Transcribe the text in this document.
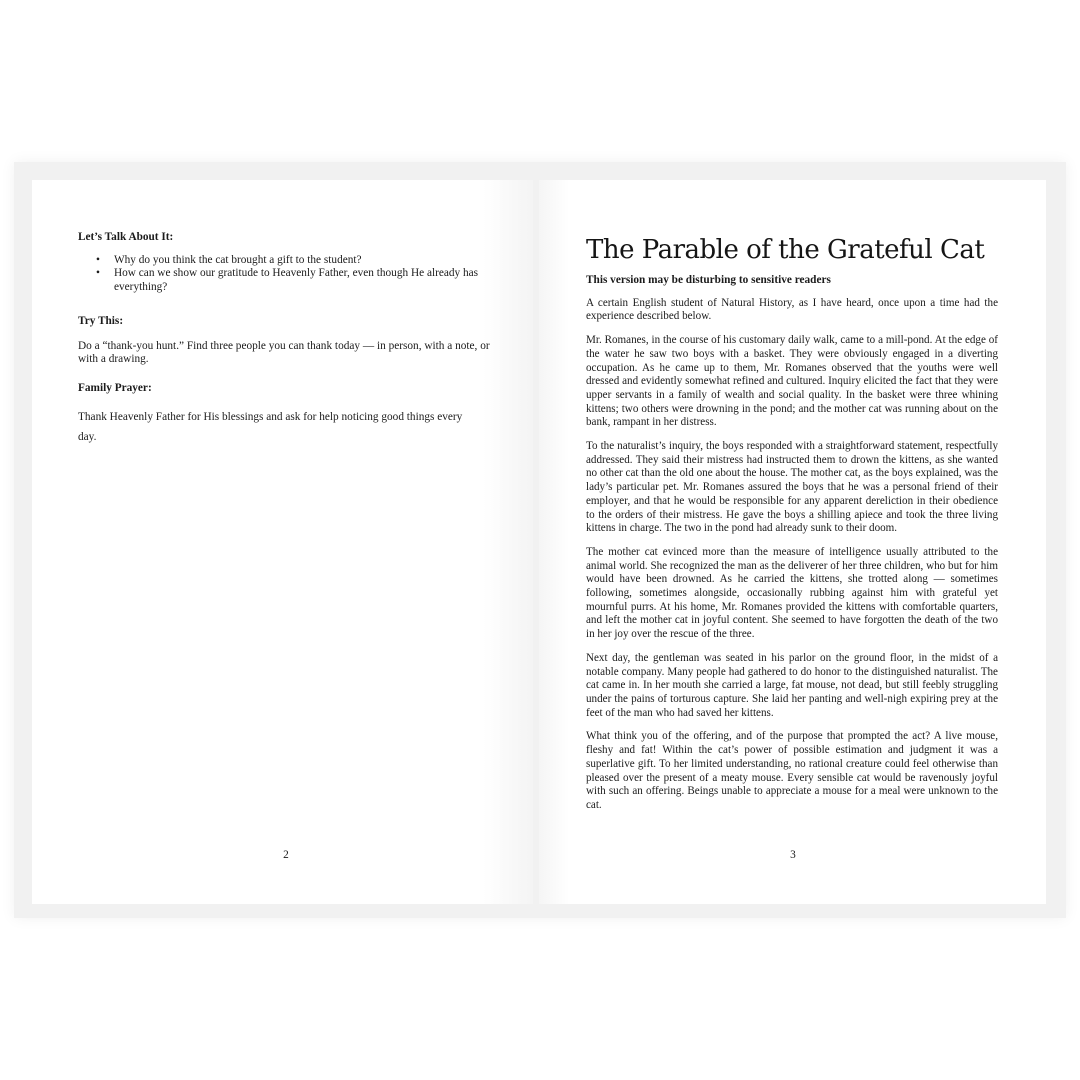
Let’s Talk About It:

• Why do you think the cat brought a gift to the student?
• How can we show our gratitude to Heavenly Father, even though He already has everything?

Try This:

Do a “thank-you hunt.” Find three people you can thank today — in person, with a note, or with a drawing.

Family Prayer:

Thank Heavenly Father for His blessings and ask for help noticing good things every day.

2
The Parable of the Grateful Cat

This version may be disturbing to sensitive readers

A certain English student of Natural History, as I have heard, once upon a time had the experience described below.

Mr. Romanes, in the course of his customary daily walk, came to a mill-pond. At the edge of the water he saw two boys with a basket. They were obviously engaged in a diverting occupation. As he came up to them, Mr. Romanes observed that the youths were well dressed and evidently somewhat refined and cultured. Inquiry elicited the fact that they were upper servants in a family of wealth and social quality. In the basket were three whining kittens; two others were drowning in the pond; and the mother cat was running about on the bank, rampant in her distress.

To the naturalist’s inquiry, the boys responded with a straightforward statement, respectfully addressed. They said their mistress had instructed them to drown the kittens, as she wanted no other cat than the old one about the house. The mother cat, as the boys explained, was the lady’s particular pet. Mr. Romanes assured the boys that he was a personal friend of their employer, and that he would be responsible for any apparent dereliction in their obedience to the orders of their mistress. He gave the boys a shilling apiece and took the three living kittens in charge. The two in the pond had already sunk to their doom.

The mother cat evinced more than the measure of intelligence usually attributed to the animal world. She recognized the man as the deliverer of her three children, who but for him would have been drowned. As he carried the kittens, she trotted along — sometimes following, sometimes alongside, occasionally rubbing against him with grateful yet mournful purrs. At his home, Mr. Romanes provided the kittens with comfortable quarters, and left the mother cat in joyful content. She seemed to have forgotten the death of the two in her joy over the rescue of the three.

Next day, the gentleman was seated in his parlor on the ground floor, in the midst of a notable company. Many people had gathered to do honor to the distinguished naturalist. The cat came in. In her mouth she carried a large, fat mouse, not dead, but still feebly struggling under the pains of torturous capture. She laid her panting and well-nigh expiring prey at the feet of the man who had saved her kittens.

What think you of the offering, and of the purpose that prompted the act? A live mouse, fleshy and fat! Within the cat’s power of possible estimation and judgment it was a superlative gift. To her limited understanding, no rational creature could feel otherwise than pleased over the present of a meaty mouse. Every sensible cat would be ravenously joyful with such an offering. Beings unable to appreciate a mouse for a meal were unknown to the cat.

3
